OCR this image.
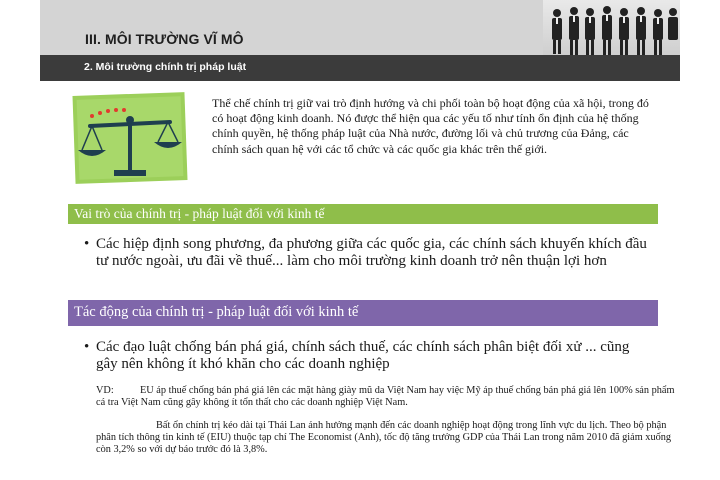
III. MÔI TRƯỜNG VĨ MÔ
2. Môi trường chính trị pháp luật
Thể chế chính trị giữ vai trò định hướng và chi phối toàn bộ hoạt động của xã hội, trong đó có hoạt động kinh doanh. Nó được thể hiện qua các yếu tố như tính ổn định của hệ thống chính quyền, hệ thống pháp luật của Nhà nước, đường lối và chủ trương của Đảng, các chính sách quan hệ với các tổ chức và các quốc gia khác trên thế giới.
Vai trò của chính trị - pháp luật đối với kinh tế
• Các hiệp định song phương, đa phương giữa các quốc gia, các chính sách khuyến khích đầu tư nước ngoài, ưu đãi về thuế... làm cho môi trường kinh doanh trở nên thuận lợi hơn
Tác động của chính trị - pháp luật đối với kinh tế
• Các đạo luật chống bán phá giá, chính sách thuế, các chính sách phân biệt đối xử ... cũng gây nên không ít khó khăn cho các doanh nghiệp
VD:	EU áp thuế chống bán phá giá lên các mặt hàng giày mũ da Việt Nam hay việc Mỹ áp thuế chống bán phá giá lên 100% sản phẩm cá tra Việt Nam cũng gây không ít tổn thất cho các doanh nghiệp Việt Nam.
Bất ổn chính trị kéo dài tại Thái Lan ảnh hưởng mạnh đến các doanh nghiệp hoạt động trong lĩnh vực du lịch. Theo bộ phận phân tích thông tin kinh tế (EIU) thuộc tạp chí The Economist (Anh), tốc độ tăng trưởng GDP của Thái Lan trong năm 2010 đã giảm xuống còn 3,2% so với dự báo trước đó là 3,8%.
